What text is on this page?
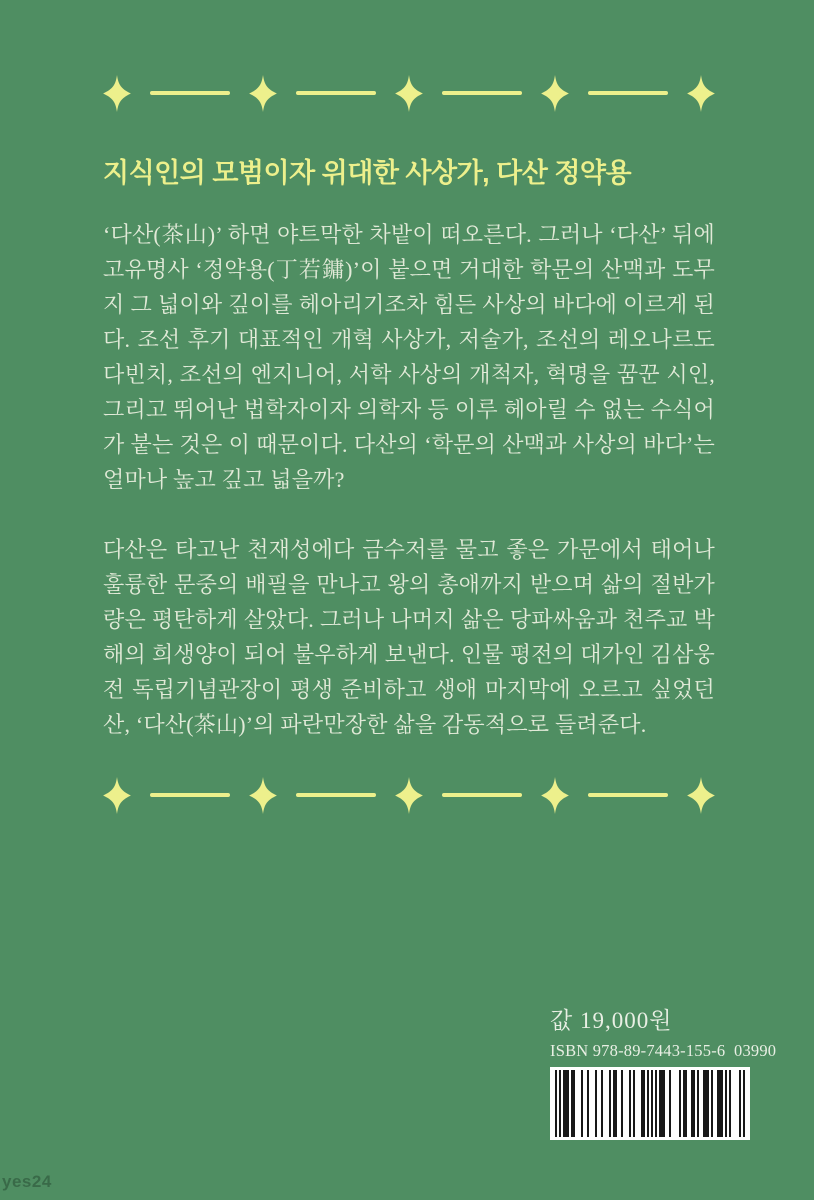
지식인의 모범이자 위대한 사상가, 다산 정약용

‘다산(茶山)’ 하면 야트막한 차밭이 떠오른다. 그러나 ‘다산’ 뒤에 고유명사 ‘정약용(丁若鏞)’이 붙으면 거대한 학문의 산맥과 도무지 그 넓이와 깊이를 헤아리기조차 힘든 사상의 바다에 이르게 된다. 조선 후기 대표적인 개혁 사상가, 저술가, 조선의 레오나르도 다빈치, 조선의 엔지니어, 서학 사상의 개척자, 혁명을 꿈꾼 시인, 그리고 뛰어난 법학자이자 의학자 등 이루 헤아릴 수 없는 수식어가 붙는 것은 이 때문이다. 다산의 ‘학문의 산맥과 사상의 바다’는 얼마나 높고 깊고 넓을까?

다산은 타고난 천재성에다 금수저를 물고 좋은 가문에서 태어나 훌륭한 문중의 배필을 만나고 왕의 총애까지 받으며 삶의 절반가량은 평탄하게 살았다. 그러나 나머지 삶은 당파싸움과 천주교 박해의 희생양이 되어 불우하게 보낸다. 인물 평전의 대가인 김삼웅 전 독립기념관장이 평생 준비하고 생애 마지막에 오르고 싶었던 산, ‘다산(茶山)’의 파란만장한 삶을 감동적으로 들려준다.

값 19,000원
ISBN 978-89-7443-155-6  03990
yes24
